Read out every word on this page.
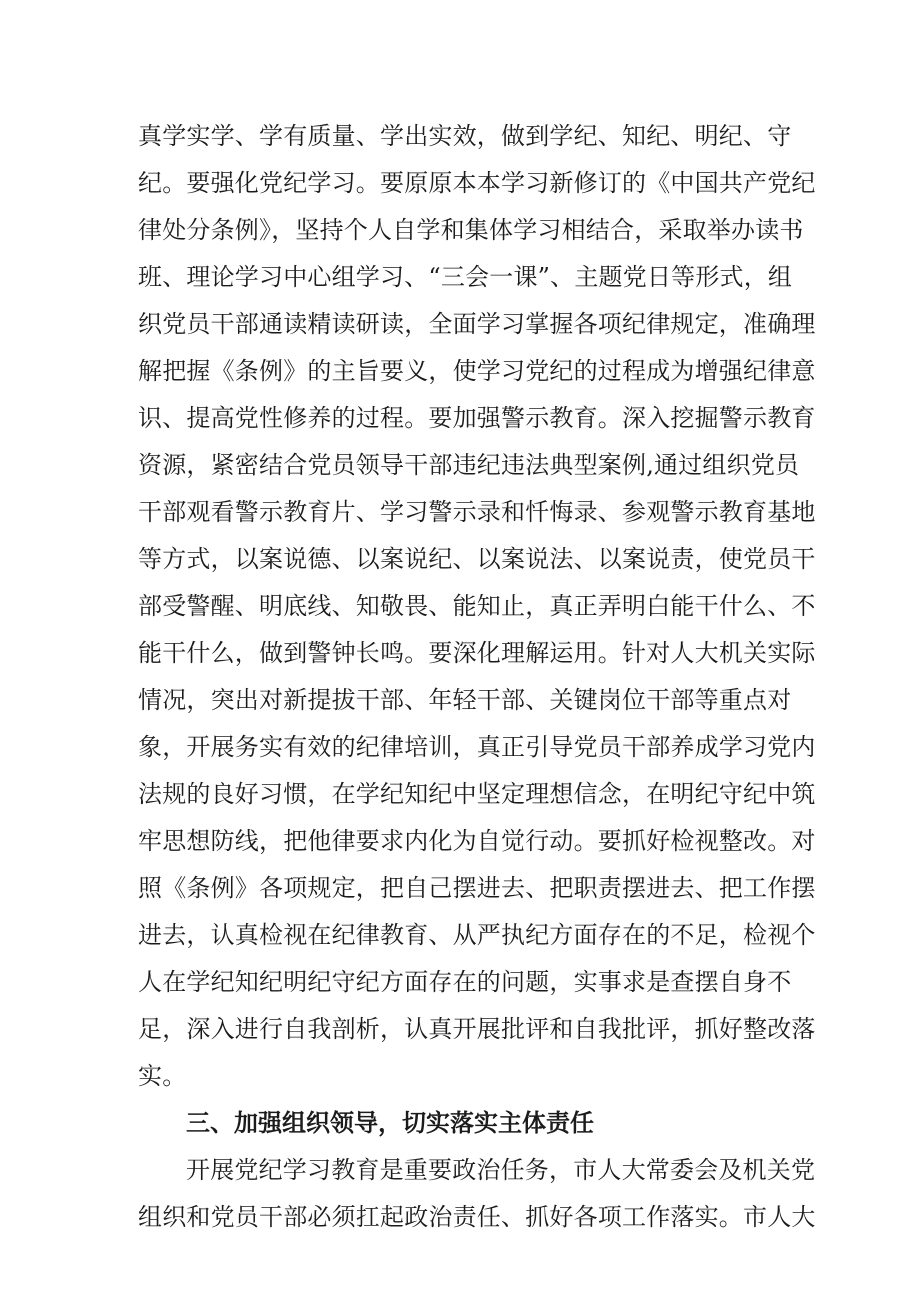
真学实学、学有质量、学出实效，做到学纪、知纪、明纪、守

纪。要强化党纪学习。要原原本本学习新修订的《中国共产党纪

律处分条例》，坚持个人自学和集体学习相结合，采取举办读书

班、理论学习中心组学习、“三会一课”、主题党日等形式，组

织党员干部通读精读研读，全面学习掌握各项纪律规定，准确理

解把握《条例》的主旨要义，使学习党纪的过程成为增强纪律意

识、提高党性修养的过程。要加强警示教育。深入挖掘警示教育

资源，紧密结合党员领导干部违纪违法典型案例,通过组织党员

干部观看警示教育片、学习警示录和忏悔录、参观警示教育基地

等方式，以案说德、以案说纪、以案说法、以案说责，使党员干

部受警醒、明底线、知敬畏、能知止，真正弄明白能干什么、不

能干什么，做到警钟长鸣。要深化理解运用。针对人大机关实际

情况，突出对新提拔干部、年轻干部、关键岗位干部等重点对

象，开展务实有效的纪律培训，真正引导党员干部养成学习党内

法规的良好习惯，在学纪知纪中坚定理想信念，在明纪守纪中筑

牢思想防线，把他律要求内化为自觉行动。要抓好检视整改。对

照《条例》各项规定，把自己摆进去、把职责摆进去、把工作摆

进去，认真检视在纪律教育、从严执纪方面存在的不足，检视个

人在学纪知纪明纪守纪方面存在的问题，实事求是查摆自身不

足，深入进行自我剖析，认真开展批评和自我批评，抓好整改落

实。

三、加强组织领导，切实落实主体责任

开展党纪学习教育是重要政治任务，市人大常委会及机关党

组织和党员干部必须扛起政治责任、抓好各项工作落实。市人大
